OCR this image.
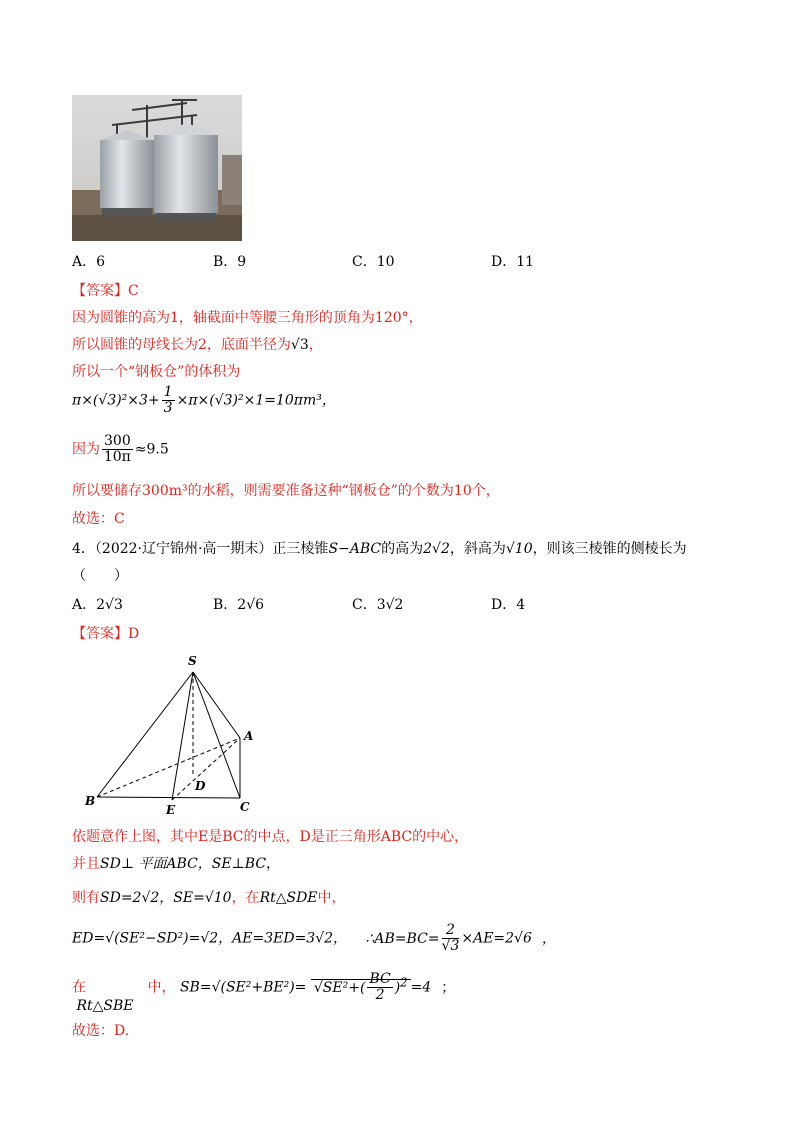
A．6	B．9	C．10	D．11
【答案】C
因为圆锥的高为1，轴截面中等腰三角形的顶角为120°，
所以圆锥的母线长为2，底面半径为√3，
所以一个“钢板仓”的体积为
$\pi\times(√3)^2\times 3+ \frac{1}{3} \times\pi\times(√3)^2\times 1=10\pi m^3$，
因为 $\frac{300}{10\pi} \approx 9.5$
所以要储存300m³的水稻，则需要准备这种“钢板仓”的个数为10个，
故选：C
4．（2022·辽宁锦州·高一期末）正三棱锥S−ABC的高为2√2，斜高为√10，则该三棱锥的侧棱长为
（　　）
A．2√3	B．2√6	C．3√2	D．4
【答案】D
S
A
B	C
D
E
依题意作上图，其中E是BC的中点，D是正三角形ABC的中心，
并且SD⊥ 平面ABC，SE⊥BC，
则有SD=2√2，SE=√10，在Rt△SDE中，
ED=√(SE²−SD²)=√2，AE=3ED=3√2， ∴AB=BC= $\frac{2}{√3} \times AE=2√6$ ，
在 Rt△SBE中， $SB=√(SE^2+BE^2)= √SE^2+( \frac{BC}{2} )^2 =4$ ；
故选：D.
